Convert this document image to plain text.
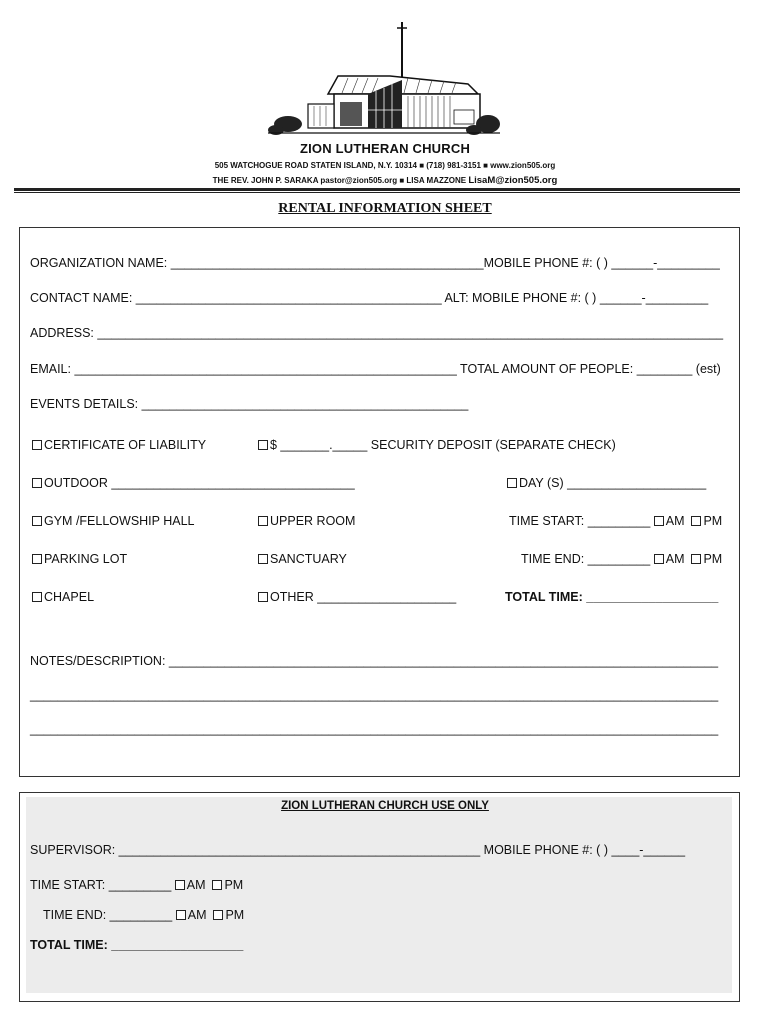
ZION LUTHERAN CHURCH
505 WATCHOGUE ROAD STATEN ISLAND, N.Y. 10314 ■ (718) 981-3151 ■ www.zion505.org
THE REV. JOHN P. SARAKA pastor@zion505.org ■ LISA MAZZONE LisaM@zion505.org
RENTAL INFORMATION SHEET
ORGANIZATION NAME: _____________________________________________MOBILE PHONE #: ( ) ______-_________
CONTACT NAME: ____________________________________________ ALT: MOBILE PHONE #: ( ) ______-_________
ADDRESS: __________________________________________________________________________________________
EMAIL: _______________________________________________________ TOTAL AMOUNT OF PEOPLE: ________ (est)
EVENTS DETAILS: _______________________________________________
CERTIFICATE OF LIABILITY	$ _______._____ SECURITY DEPOSIT (SEPARATE CHECK)
OUTDOOR ___________________________________	DAY (S) ____________________
GYM /FELLOWSHIP HALL	UPPER ROOM	TIME START: _________ AM PM
PARKING LOT	SANCTUARY	TIME END: _________ AM PM
CHAPEL	OTHER ____________________	TOTAL TIME: ___________________
NOTES/DESCRIPTION: _______________________________________________________________________________
___________________________________________________________________________________________________
___________________________________________________________________________________________________
ZION LUTHERAN CHURCH USE ONLY
SUPERVISOR: ____________________________________________________ MOBILE PHONE #: ( ) ____-______
TIME START: _________ AM PM
TIME END: _________ AM PM
TOTAL TIME: ___________________
